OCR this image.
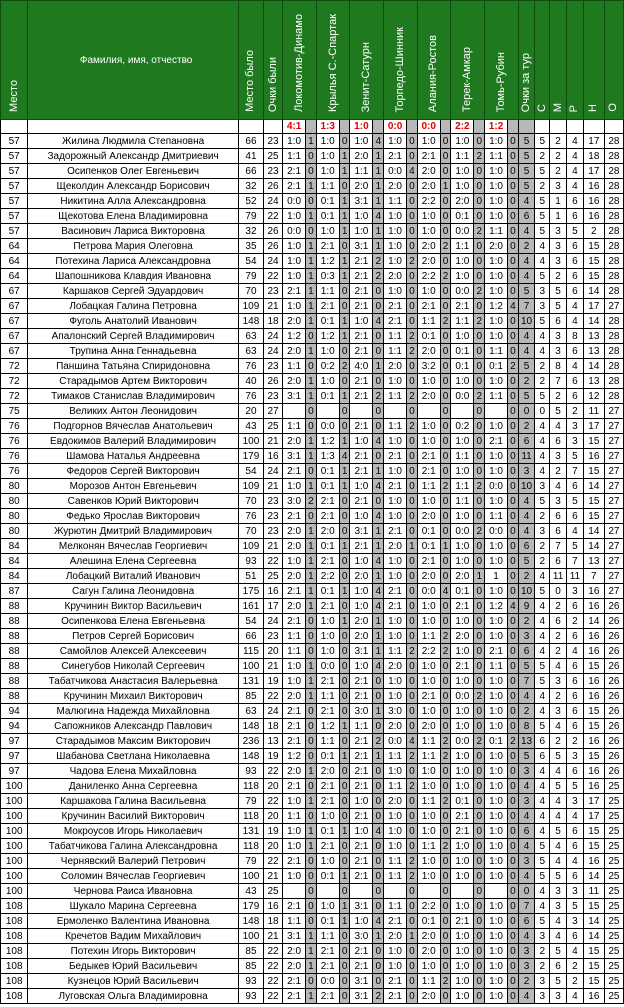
Место	Фамилия, имя, отчество	Место было	Очки были	Локомотив-Динамо		Крылья С.-Спартак		Зенит-Сатурн		Торпедо-Шинник		Алания-Ростов		Терек-Амкар		Томь-Рубин		Очки за тур	С	М	Р	Н	О
				4:1		1:3		1:0		0:0		0:0		2:2		1:2							
57	Жилина Людмила Степановна	66	23	1:0	1	1:0	0	1:0	4	1:0	0	1:0	0	1:0	0	1:0	0	5	5	2	4	17	28
57	Задорожный Александр Дмитриевич	41	25	1:1	0	1:0	1	2:0	1	2:1	0	2:1	0	1:1	2	1:1	0	5	2	2	4	18	28
57	Осипенков Олег Евгеньевич	66	23	2:1	0	1:0	1	1:1	1	0:0	4	2:0	0	1:0	0	1:0	0	5	5	2	4	17	28
57	Щеколдин Александр Борисович	32	26	2:1	1	1:1	0	2:0	1	2:0	0	2:0	1	1:0	0	1:0	0	5	2	3	4	16	28
57	Никитина Алла Александровна	52	24	0:0	0	0:1	1	3:1	1	1:1	0	2:2	0	2:0	0	1:0	0	4	5	1	6	16	28
57	Щекотова Елена Владимировна	79	22	1:0	1	0:1	1	1:0	4	1:0	0	1:0	0	0:1	0	1:0	0	6	5	1	6	16	28
57	Васинович Лариса Викторовна	32	26	0:0	0	1:0	1	1:0	1	1:0	0	1:0	0	0:0	2	1:1	0	4	5	3	5	2	28
64	Петрова Мария Олеговна	35	26	1:0	1	2:1	0	3:1	1	1:0	0	2:0	2	1:1	0	2:0	0	2	4	3	6	15	28
64	Потехина Лариса Александровна	54	24	1:0	1	1:2	1	2:1	2	1:0	2	2:0	0	1:0	0	1:0	0	4	4	3	6	15	28
64	Шапошникова Клавдия Ивановна	79	22	1:0	1	0:3	1	2:1	2	2:0	0	2:2	2	1:0	0	1:0	0	4	5	2	6	15	28
67	Каршаков Сергей Эдуардович	70	23	2:1	1	1:1	0	2:1	0	1:0	0	1:0	0	0:0	2	1:0	0	5	3	5	6	14	28
67	Лобацкая Галина Петровна	109	21	1:0	1	2:1	0	2:1	0	2:1	0	2:1	0	2:1	0	1:2	4	7	3	5	4	17	27
67	Фуголь Анатолий Иванович	148	18	2:0	1	0:1	1	1:0	4	2:1	0	1:1	2	1:1	2	1:0	0	10	5	6	4	14	28
67	Апалонский Сергей Владимирович	63	24	1:2	0	1:2	1	2:1	0	1:1	2	0:1	0	1:0	0	1:0	0	4	4	3	8	13	28
67	Трупина Анна Геннадьевна	63	24	2:0	1	1:0	0	2:1	0	1:1	2	2:0	0	0:1	0	1:1	0	4	4	3	6	13	28
72	Паншина Татьяна Спиридоновна	76	23	1:1	0	0:2	2	4:0	1	2:0	0	3:2	0	0:1	0	0:1	2	5	2	8	4	14	28
72	Старадымов Артем Викторович	40	26	2:0	1	1:0	0	2:1	0	1:0	0	1:0	0	1:0	0	1:0	0	2	2	7	6	13	28
72	Тимаков Станислав Владимирович	76	23	3:1	1	0:1	1	2:1	2	1:1	2	2:0	0	0:0	2	1:1	0	5	5	2	6	12	28
75	Великих Антон Леонидович	20	27		0		0		0		0		0		0		0	0	0	5	2	11	27
76	Подгорнов Вячеслав Анатольевич	43	25	1:1	0	0:0	0	2:1	0	1:1	2	1:0	0	0:2	0	1:0	0	2	4	4	3	17	27
76	Евдокимов Валерий Владимирович	100	21	2:0	1	1:2	1	1:0	4	1:0	0	1:0	0	1:0	0	2:1	0	6	4	6	3	15	27
76	Шамова Наталья Андреевна	179	16	3:1	1	1:3	4	2:1	0	2:1	0	2:1	0	1:1	0	1:0	0	11	4	3	5	16	27
76	Федоров Сергей Викторович	54	24	2:1	0	0:1	1	2:1	1	1:0	0	2:1	0	1:0	0	1:0	0	3	4	2	7	15	27
80	Морозов Антон Евгеньевич	109	21	1:0	1	0:1	1	1:0	4	2:1	0	1:1	2	1:1	2	0:0	0	10	3	4	6	14	27
80	Савенков Юрий Викторович	70	23	3:0	2	2:1	0	2:1	0	1:0	0	1:0	0	1:1	0	1:0	0	4	5	3	5	15	27
80	Федько Ярослав Викторович	76	23	2:1	0	2:1	0	1:0	4	1:0	0	2:0	0	1:0	0	1:1	0	4	2	6	6	15	27
80	Журютин Дмитрий Владимирович	70	23	2:0	1	2:0	0	3:1	1	2:1	0	0:1	0	0:0	2	0:0	0	4	3	6	4	14	27
84	Мелконян Вячеслав Георгиевич	109	21	2:0	1	0:1	1	2:1	1	2:0	1	0:1	1	1:0	0	1:0	0	6	2	7	5	14	27
84	Алешина Елена Сергеевна	93	22	1:0	1	2:1	0	1:0	4	1:0	0	2:1	0	1:0	0	1:0	0	5	2	6	7	13	27
84	Лобацкий Виталий Иванович	51	25	2:0	1	2:2	0	2:0	1	1:0	0	2:0	0	2:0	1	1	0	2	4	11	11	7	27
87	Сагун Галина Леонидовна	175	16	2:1	1	0:1	1	1:0	4	2:1	0	0:0	4	0:1	0	1:0	0	10	5	0	3	16	27
88	Кручинин Виктор Васильевич	161	17	2:0	1	2:1	0	1:0	4	2:1	0	1:0	0	2:1	0	1:2	4	9	4	2	6	16	26
88	Осипенкова Елена Евгеньевна	54	24	2:1	0	1:0	1	2:0	1	1:0	0	1:0	0	1:0	0	1:0	0	2	4	6	2	14	26
88	Петров Сергей Борисович	66	23	1:1	0	1:0	0	2:0	1	1:0	0	1:1	2	2:0	0	1:0	0	3	4	2	6	16	26
88	Самойлов Алексей Алексеевич	115	20	1:1	0	1:0	0	3:1	1	1:1	2	2:2	2	1:0	0	2:1	0	6	4	2	4	16	26
88	Синегубов Николай Сергеевич	100	21	1:0	1	0:0	0	1:0	4	2:0	0	1:0	0	2:1	0	1:1	0	5	5	4	6	15	26
88	Табатчикова Анастасия Валерьевна	131	19	1:0	1	2:1	0	2:1	0	1:0	0	1:0	0	1:0	0	1:0	0	7	5	3	6	16	26
88	Кручинин Михаил Викторович	85	22	2:0	1	1:1	0	2:1	0	1:0	0	2:1	0	0:0	2	1:0	0	4	4	2	6	16	26
94	Малюгина Надежда Михайловна	63	24	2:1	0	2:1	0	3:0	1	3:0	0	1:0	0	1:0	0	1:0	0	2	4	3	6	15	26
94	Сапожников Александр Павлович	148	18	2:1	0	1:2	1	1:1	0	2:0	0	2:0	0	1:0	0	1:0	0	8	5	4	6	15	26
97	Старадымов Максим Викторович	236	13	2:1	0	1:1	0	2:1	2	0:0	4	1:1	2	0:0	2	0:1	2	13	6	2	2	16	26
97	Шабанова Светлана Николаевна	148	19	1:2	0	0:1	1	2:1	1	1:1	2	1:1	2	1:0	0	1:0	0	5	6	5	3	15	26
97	Чадова Елена Михайловна	93	22	2:0	1	2:0	0	2:1	0	1:0	0	1:0	0	1:0	0	1:0	0	3	4	4	6	16	26
100	Даниленко Анна Сергеевна	118	20	2:1	0	2:1	0	2:1	0	1:1	2	1:0	0	1:0	0	1:0	0	4	4	5	5	16	25
100	Каршакова Галина Васильевна	79	22	1:0	1	2:1	0	1:0	0	2:0	0	1:1	2	0:1	0	1:0	0	3	4	4	3	17	25
100	Кручинин Василий Викторович	118	20	1:1	0	1:0	0	2:1	0	1:0	0	1:0	0	2:1	0	1:0	0	4	4	4	4	17	25
100	Мокроусов Игорь Николаевич	131	19	1:0	1	0:1	1	1:0	4	1:0	0	1:0	0	2:1	0	1:0	0	6	4	5	6	15	25
100	Табатчикова Галина Александровна	118	20	1:0	1	2:1	0	2:1	0	1:0	0	1:1	2	1:0	0	1:0	0	4	5	4	6	15	25
100	Чернявский Валерий Петрович	79	22	2:1	0	1:0	0	2:1	0	1:1	2	1:0	0	1:0	0	1:0	0	3	5	4	4	16	25
100	Соломин Вячеслав Георгиевич	100	21	1:0	0	0:1	1	2:1	0	1:1	2	1:0	0	1:0	0	1:0	0	4	5	5	6	14	25
100	Чернова Раиса Ивановна	43	25		0		0		0		0		0		0		0	0	4	3	3	11	25
108	Шукало Марина Сергеевна	179	16	2:1	0	1:0	1	3:1	0	1:1	0	2:2	0	1:0	0	1:0	0	7	4	3	5	15	25
108	Ермоленко Валентина Ивановна	148	18	1:1	0	0:1	1	1:0	4	2:1	0	0:1	0	2:1	0	1:0	0	6	5	4	3	14	25
108	Кречетов Вадим Михайлович	100	21	3:1	1	1:1	0	3:0	1	2:0	1	2:0	0	1:0	0	1:0	0	4	3	4	6	14	25
108	Потехин Игорь Викторович	85	22	2:0	1	2:1	0	2:1	0	1:0	0	2:0	0	1:0	0	1:0	0	3	2	5	4	15	25
108	Бедыкев Юрий Васильевич	85	22	2:0	1	2:1	0	2:1	0	1:0	0	1:0	0	1:0	0	1:0	0	3	2	6	2	15	25
108	Кузнецов Юрий Васильевич	93	22	2:1	0	0:0	0	3:1	0	2:1	0	1:1	2	1:0	0	1:0	0	2	3	5	2	15	25
108	Луговская Ольга Владимировна	93	22	2:1	1	2:1	0	3:1	2	2:1	0	2:0	0	1:0	0	1:0	0	4	3	3	4	16	25
